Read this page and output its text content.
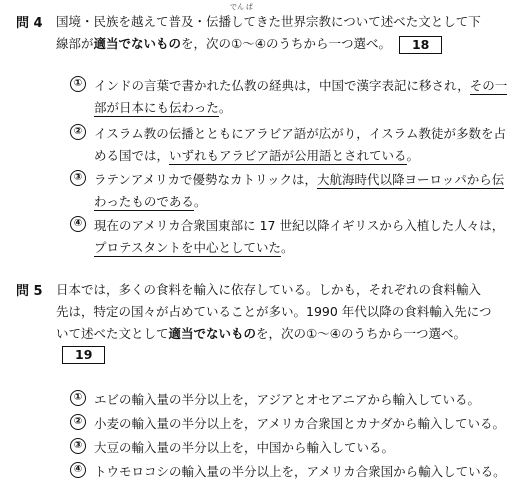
問 4
でん ぱ
国境・民族を越えて普及・伝播してきた世界宗教について述べた文として下
線部が適当でないものを，次の①～④のうちから一つ選べ。 18
① インドの言葉で書かれた仏教の経典は，中国で漢字表記に移され，その一
部が日本にも伝わった。
② イスラム教の伝播とともにアラビア語が広がり，イスラム教徒が多数を占
める国では，いずれもアラビア語が公用語とされている。
③ ラテンアメリカで優勢なカトリックは，大航海時代以降ヨーロッパから伝
わったものである。
④ 現在のアメリカ合衆国東部に 17 世紀以降イギリスから入植した人々は，
プロテスタントを中心としていた。
問 5 日本では，多くの食料を輸入に依存している。しかも，それぞれの食料輸入
先は，特定の国々が占めていることが多い。1990 年代以降の食料輸入先につ
いて述べた文として適当でないものを，次の①～④のうちから一つ選べ。
19
① エビの輸入量の半分以上を，アジアとオセアニアから輸入している。
② 小麦の輸入量の半分以上を，アメリカ合衆国とカナダから輸入している。
③ 大豆の輸入量の半分以上を，中国から輸入している。
④ トウモロコシの輸入量の半分以上を，アメリカ合衆国から輸入している。
